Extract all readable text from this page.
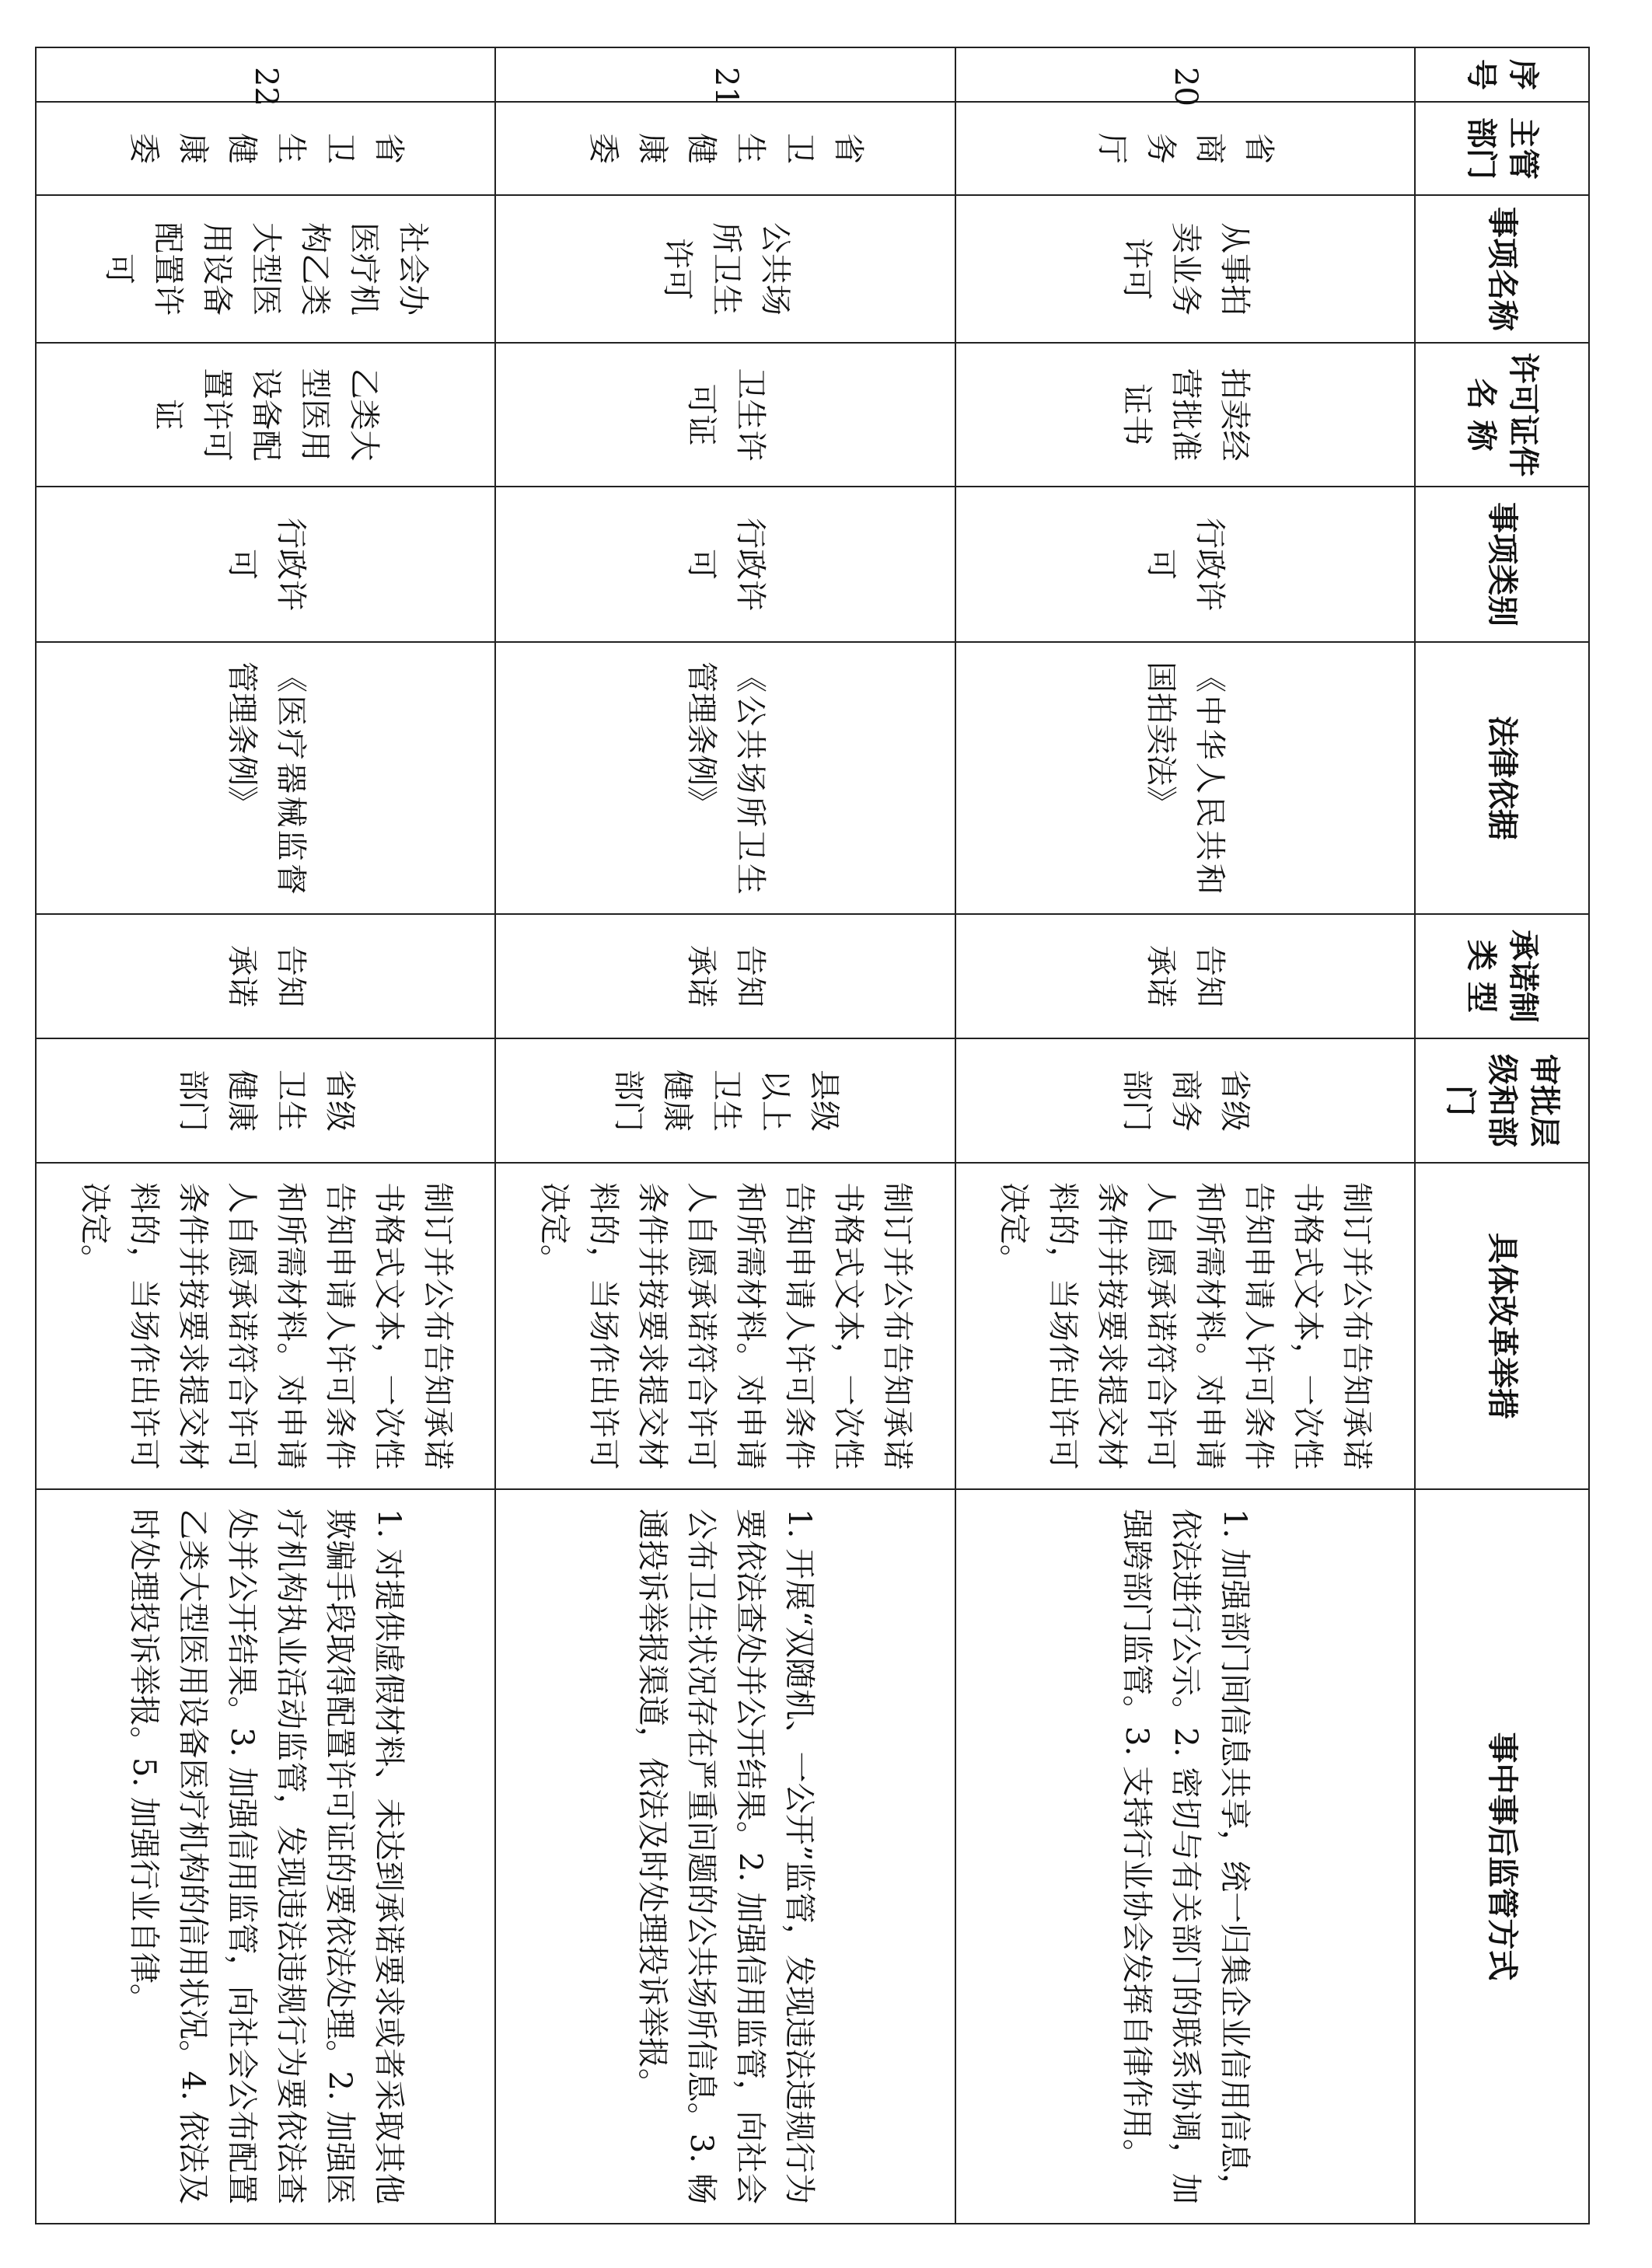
序号	主管部门	事项名称	许可证件名 称	事项类别	法律依据	承诺制类 型	审批层级和部门	具体改革举措	事中事后监管方式
20	省商务厅	从事拍卖业务许可	拍卖经营批准证书	行政许可	《中华人民共和国拍卖法》	告知承诺	省级商务部门	制订并公布告知承诺书格式文本，一次性告知申请人许可条件和所需材料。对申请人自愿承诺符合许可条件并按要求提交材料的，当场作出许可决定。	1. 加强部门间信息共享，统一归集企业信用信息，依法进行公示。2. 密切与有关部门的联系协调，加强跨部门监管。3. 支持行业协会发挥自律作用。
21	省卫生健康委	公共场所卫生许可	卫生许可证	行政许可	《公共场所卫生管理条例》	告知承诺	县级以上卫生健康部门	制订并公布告知承诺书格式文本，一次性告知申请人许可条件和所需材料。对申请人自愿承诺符合许可条件并按要求提交材料的，当场作出许可决定。	1. 开展“双随机、一公开”监管，发现违法违规行为要依法查处并公开结果。2. 加强信用监管，向社会公布卫生状况存在严重问题的公共场所信息。3. 畅通投诉举报渠道，依法及时处理投诉举报。
22	省卫生健康委	社会办医疗机构乙类大型医用设备配置许可	乙类大型医用设备配置许可证	行政许可	《医疗器械监督管理条例》	告知承诺	省级卫生健康部门	制订并公布告知承诺书格式文本，一次性告知申请人许可条件和所需材料。对申请人自愿承诺符合许可条件并按要求提交材料的，当场作出许可决定。	1. 对提供虚假材料、未达到承诺要求或者采取其他欺骗手段取得配置许可证的要依法处理。2. 加强医疗机构执业活动监管，发现违法违规行为要依法查处并公开结果。3. 加强信用监管，向社会公布配置乙类大型医用设备医疗机构的信用状况。4. 依法及时处理投诉举报。5. 加强行业自律。
